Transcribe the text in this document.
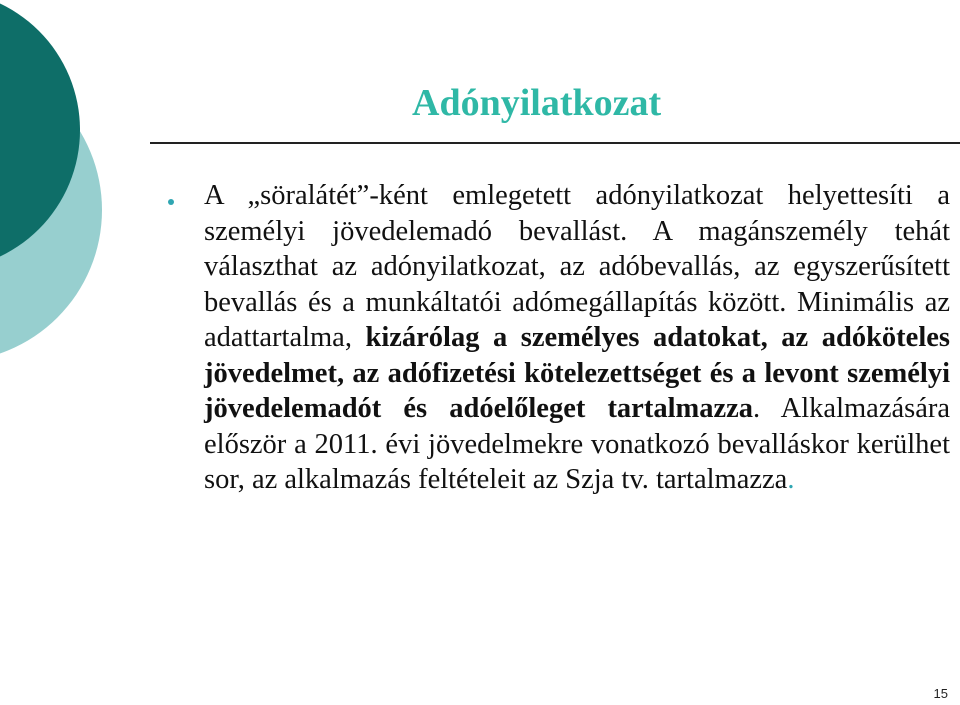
Adónyilatkozat

A „söralátét”-ként emlegetett adónyilatkozat helyettesíti a személyi jövedelemadó bevallást. A magánszemély tehát választhat az adónyilatkozat, az adóbevallás, az egyszerűsített bevallás és a munkáltatói adómegállapítás között. Minimális az adattartalma, kizárólag a személyes adatokat, az adóköteles jövedelmet, az adófizetési kötelezettséget és a levont személyi jövedelemadót és adóelőleget tartalmazza. Alkalmazására először a 2011. évi jövedelmekre vonatkozó bevalláskor kerülhet sor, az alkalmazás feltételeit az Szja tv. tartalmazza.

15
